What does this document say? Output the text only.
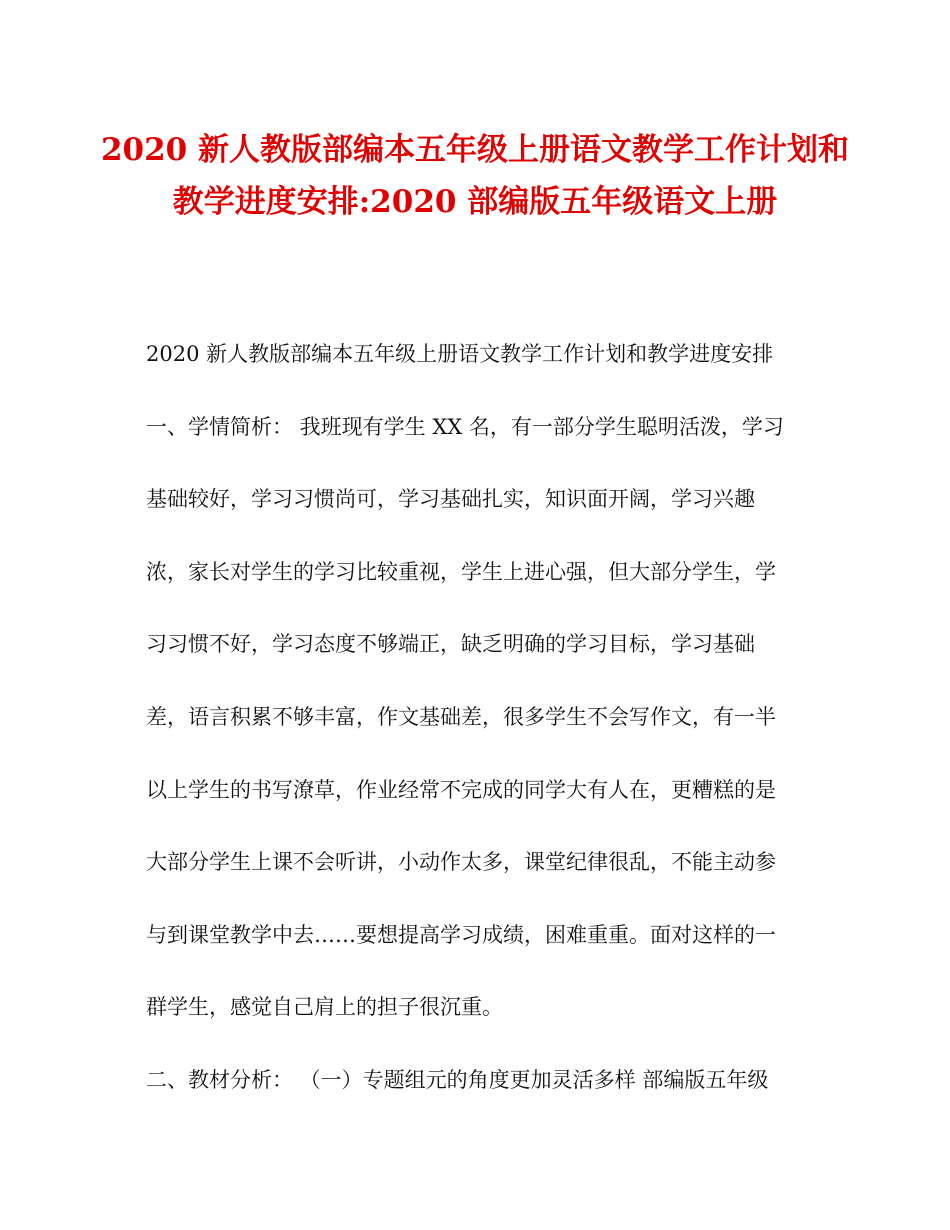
2020 新人教版部编本五年级上册语文教学工作计划和
教学进度安排:2020 部编版五年级语文上册
2020 新人教版部编本五年级上册语文教学工作计划和教学进度安排
一、学情简析： 我班现有学生 XX 名，有一部分学生聪明活泼，学习
基础较好，学习习惯尚可，学习基础扎实，知识面开阔，学习兴趣
浓，家长对学生的学习比较重视，学生上进心强，但大部分学生，学
习习惯不好，学习态度不够端正，缺乏明确的学习目标，学习基础
差，语言积累不够丰富，作文基础差，很多学生不会写作文，有一半
以上学生的书写潦草，作业经常不完成的同学大有人在，更糟糕的是
大部分学生上课不会听讲，小动作太多，课堂纪律很乱，不能主动参
与到课堂教学中去……要想提高学习成绩，困难重重。面对这样的一
群学生，感觉自己肩上的担子很沉重。
二、教材分析： （一）专题组元的角度更加灵活多样 部编版五年级
